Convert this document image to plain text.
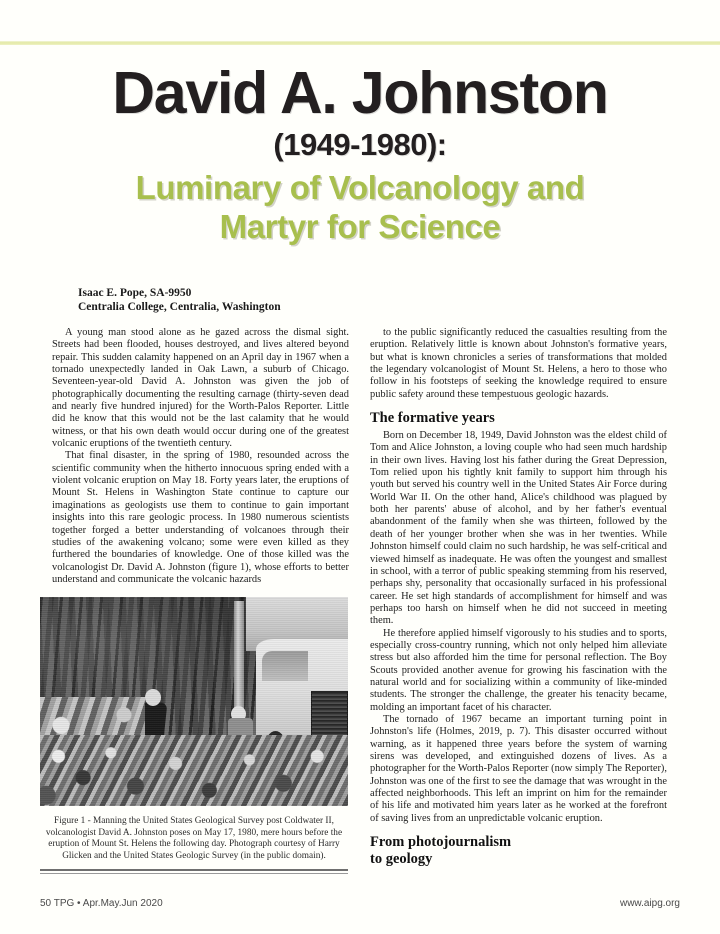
David A. Johnston
(1949-1980):
Luminary of Volcanology and
Martyr for Science
Isaac E. Pope, SA-9950
Centralia College, Centralia, Washington

A young man stood alone as he gazed across the dismal sight. Streets had been flooded, houses destroyed, and lives altered beyond repair. This sudden calamity happened on an April day in 1967 when a tornado unexpectedly landed in Oak Lawn, a suburb of Chicago. Seventeen-year-old David A. Johnston was given the job of photographically documenting the resulting carnage (thirty-seven dead and nearly five hundred injured) for the Worth-Palos Reporter. Little did he know that this would not be the last calamity that he would witness, or that his own death would occur during one of the greatest volcanic eruptions of the twentieth century.

That final disaster, in the spring of 1980, resounded across the scientific community when the hitherto innocuous spring ended with a violent volcanic eruption on May 18. Forty years later, the eruptions of Mount St. Helens in Washington State continue to capture our imaginations as geologists use them to continue to gain important insights into this rare geologic process. In 1980 numerous scientists together forged a better understanding of volcanoes through their studies of the awakening volcano; some were even killed as they furthered the boundaries of knowledge. One of those killed was the volcanologist Dr. David A. Johnston (figure 1), whose efforts to better understand and communicate the volcanic hazards

to the public significantly reduced the casualties resulting from the eruption. Relatively little is known about Johnston's formative years, but what is known chronicles a series of transformations that molded the legendary volcanologist of Mount St. Helens, a hero to those who follow in his footsteps of seeking the knowledge required to ensure public safety around these tempestuous geologic hazards.

The formative years

Born on December 18, 1949, David Johnston was the eldest child of Tom and Alice Johnston, a loving couple who had seen much hardship in their own lives. Having lost his father during the Great Depression, Tom relied upon his tightly knit family to support him through his youth but served his country well in the United States Air Force during World War II. On the other hand, Alice's childhood was plagued by both her parents' abuse of alcohol, and by her father's eventual abandonment of the family when she was thirteen, followed by the death of her younger brother when she was in her twenties. While Johnston himself could claim no such hardship, he was self-critical and viewed himself as inadequate. He was often the youngest and smallest in school, with a terror of public speaking stemming from his reserved, perhaps shy, personality that occasionally surfaced in his professional career. He set high standards of accomplishment for himself and was perhaps too harsh on himself when he did not succeed in meeting them.

He therefore applied himself vigorously to his studies and to sports, especially cross-country running, which not only helped him alleviate stress but also afforded him the time for personal reflection. The Boy Scouts provided another avenue for growing his fascination with the natural world and for socializing within a community of like-minded students. The stronger the challenge, the greater his tenacity became, molding an important facet of his character.

The tornado of 1967 became an important turning point in Johnston's life (Holmes, 2019, p. 7). This disaster occurred without warning, as it happened three years before the system of warning sirens was developed, and extinguished dozens of lives. As a photographer for the Worth-Palos Reporter (now simply The Reporter), Johnston was one of the first to see the damage that was wrought in the affected neighborhoods. This left an imprint on him for the remainder of his life and motivated him years later as he worked at the forefront of saving lives from an unpredictable volcanic eruption.

From photojournalism
to geology
Figure 1 - Manning the United States Geological Survey post Coldwater II, volcanologist David A. Johnston poses on May 17, 1980, mere hours before the eruption of Mount St. Helens the following day. Photograph courtesy of Harry Glicken and the United States Geologic Survey (in the public domain).
50 TPG • Apr.May.Jun 2020	www.aipg.org
